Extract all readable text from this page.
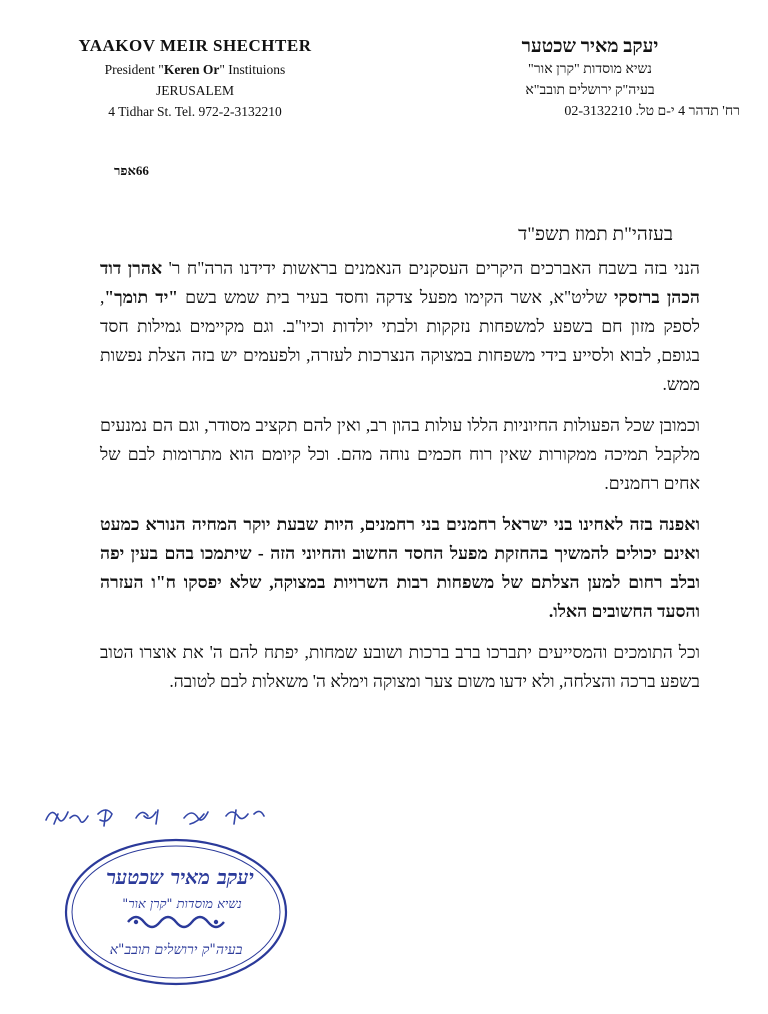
YAAKOV MEIR SHECHTER
President "Keren Or" Instituions
JERUSALEM
4 Tidhar St. Tel. 972-2-3132210
יעקב מאיר שכטער
נשיא מוסדות "קרן אור"
בעיה"ק ירושלים תובב"א
רח' תדהר 4 י-ם טל. 02-3132210
66אפר
בעזהי"ת תמוז תשפ"ד

הנני בזה בשבח האברכים היקרים העסקנים הנאמנים בראשות ידידנו הרה"ח ר' אהרן דוד הכהן ברזסקי שליט"א, אשר הקימו מפעל צדקה וחסד בעיר בית שמש בשם "יד תומך", לספק מזון חם בשפע למשפחות נזקקות ולבתי יולדות וכיו"ב. וגם מקיימים גמילות חסד בגופם, לבוא ולסייע בידי משפחות במצוקה הנצרכות לעזרה, ולפעמים יש בזה הצלת נפשות ממש.

וכמובן שכל הפעולות החיוניות הללו עולות בהון רב, ואין להם תקציב מסודר, וגם הם נמנעים מלקבל תמיכה ממקורות שאין רוח חכמים נוחה מהם. וכל קיומם הוא מתרומות לבם של אחים רחמנים.

ואפנה בזה לאחינו בני ישראל רחמנים בני רחמנים, היות שבעת יוקר המחיה הנורא כמעט ואינם יכולים להמשיך בהחזקת מפעל החסד החשוב והחיוני הזה - שיתמכו בהם בעין יפה ובלב רחום למען הצלתם של משפחות רבות השרויות במצוקה, שלא יפסקו ח"ו העזרה והסעד החשובים האלו.

וכל התומכים והמסייעים יתברכו ברב ברכות ושובע שמחות, יפתח להם ה' את אוצרו הטוב בשפע ברכה והצלחה, ולא ידעו משום צער ומצוקה וימלא ה' משאלות לבם לטובה.

יעקב מאיר שכטער
נשיא מוסדות "קרן אור"
בעיה"ק ירושלים תובב"א
